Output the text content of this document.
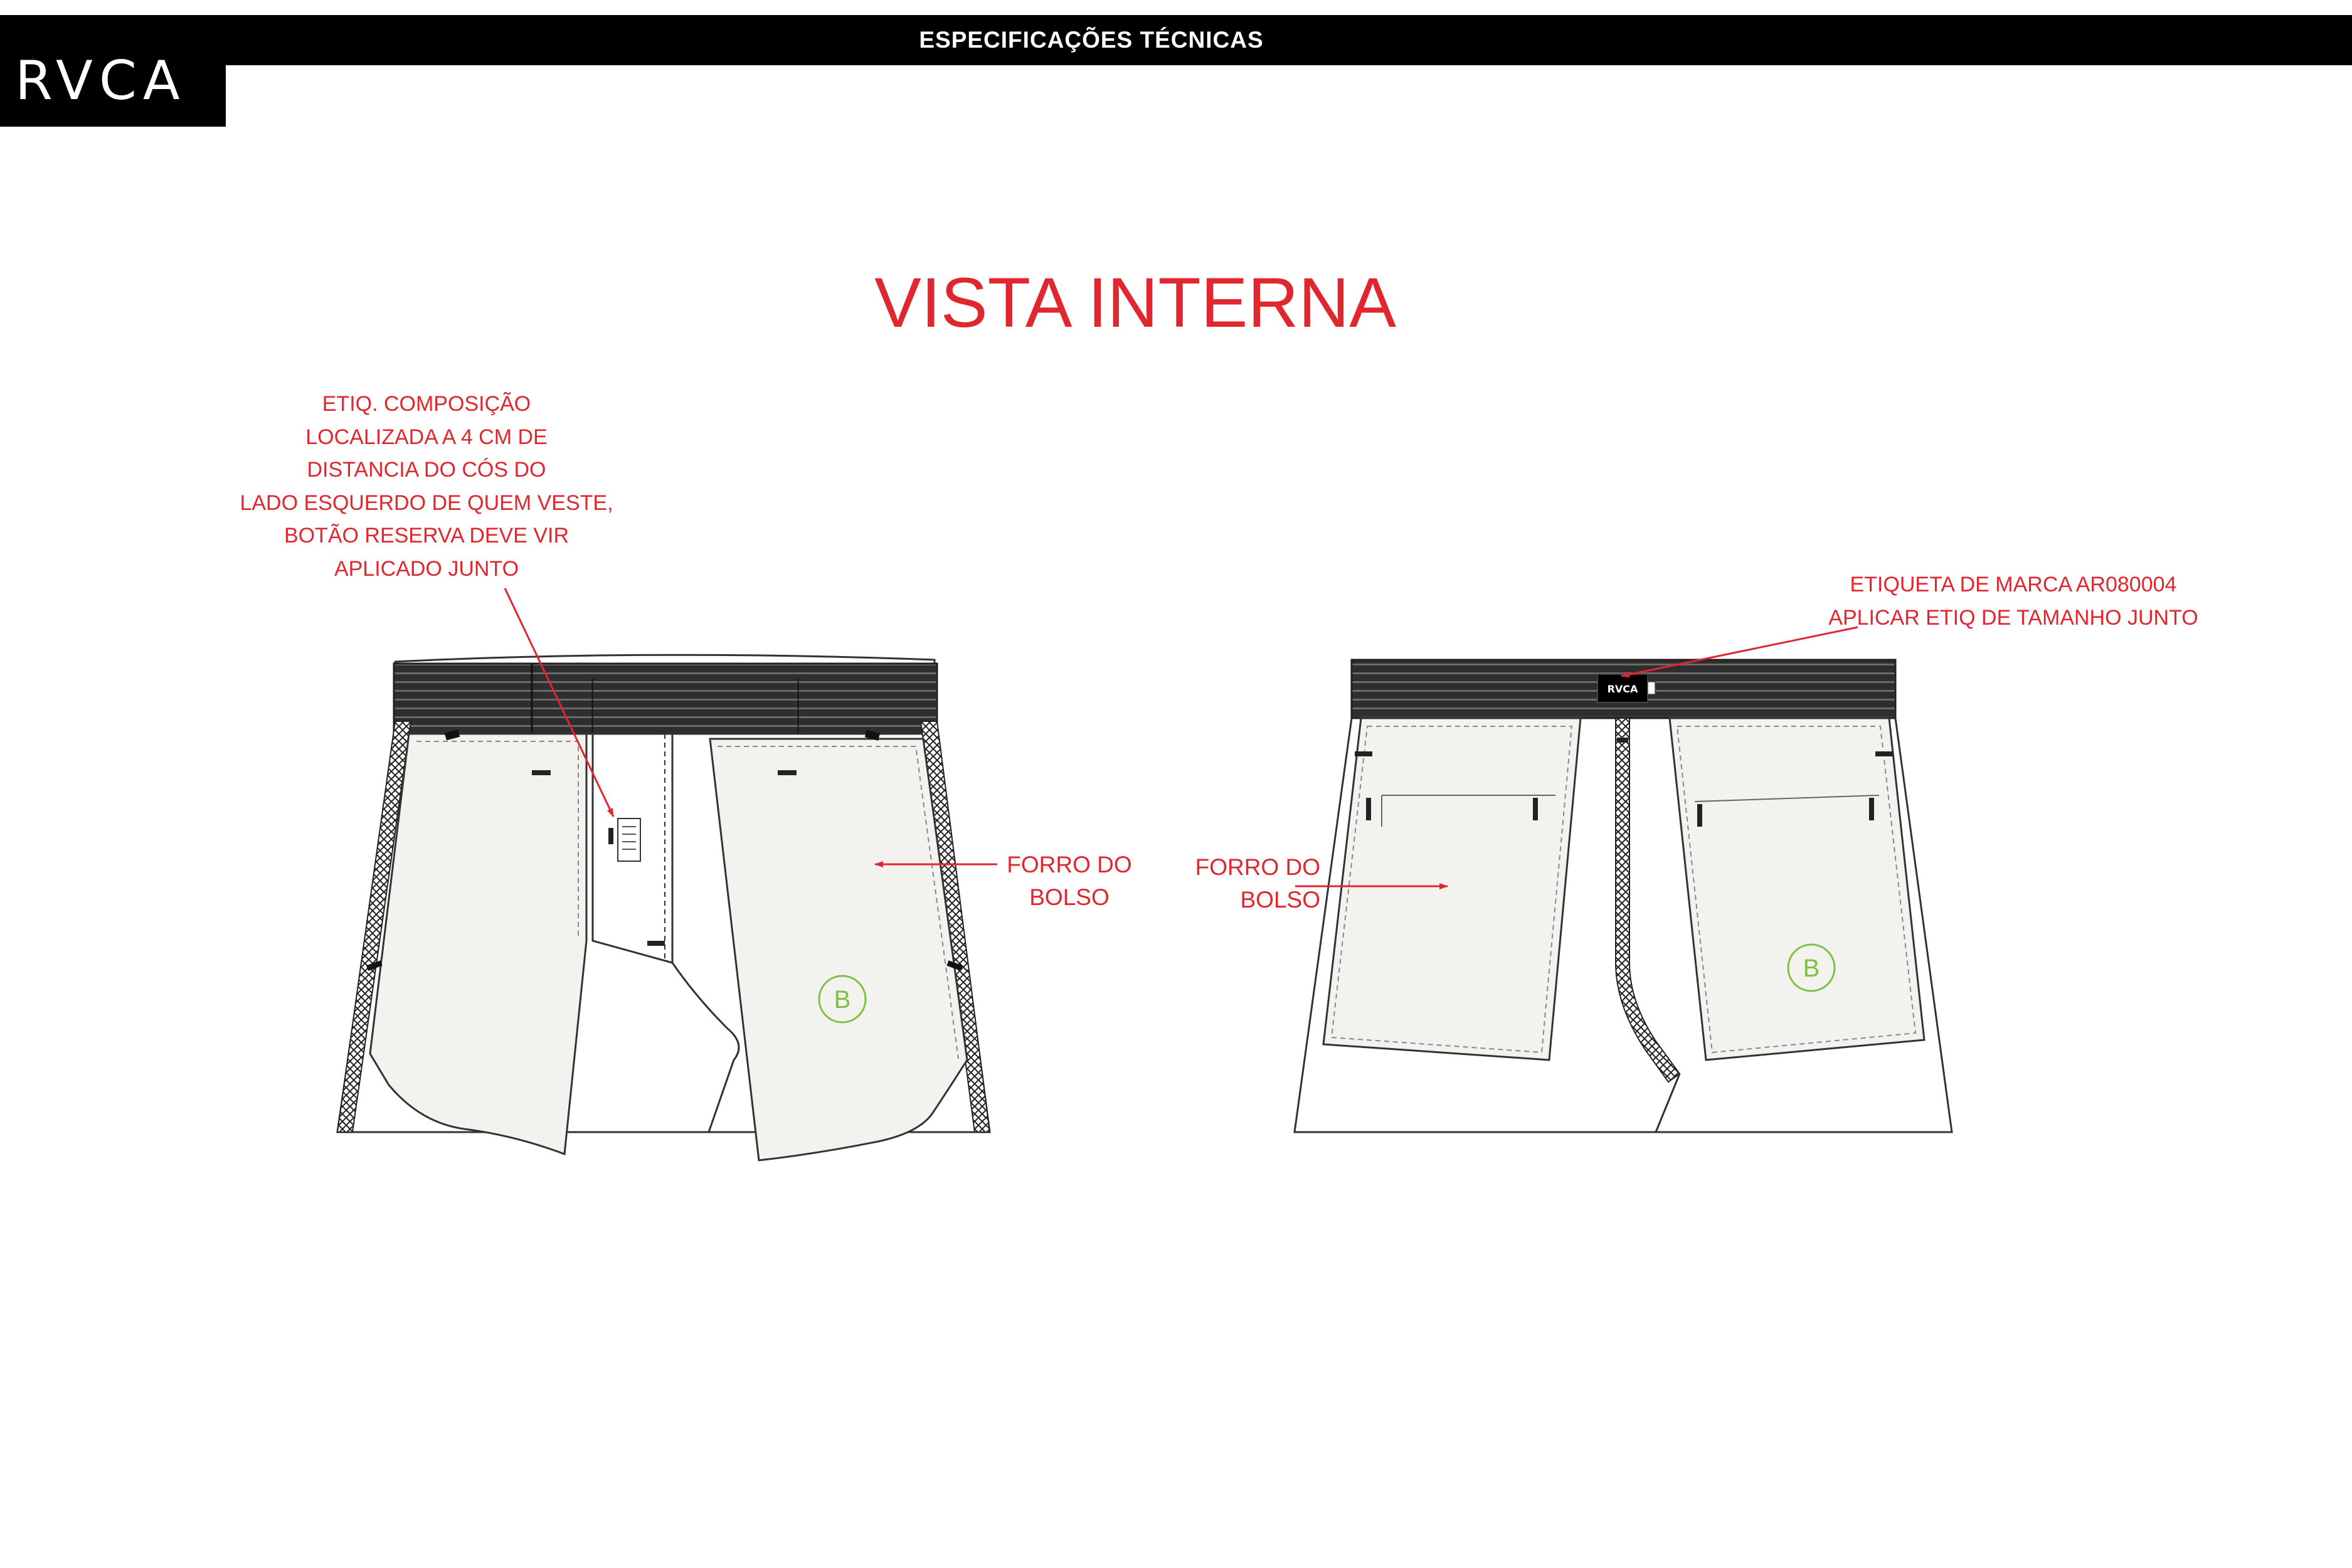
ESPECIFICAÇÕES TÉCNICAS
RVCA
VISTA INTERNA
ETIQ. COMPOSIÇÃO
LOCALIZADA A 4 CM DE
DISTANCIA DO CÓS DO
LADO ESQUERDO DE QUEM VESTE,
BOTÃO RESERVA DEVE VIR
APLICADO JUNTO
ETIQUETA DE MARCA AR080004
APLICAR ETIQ DE TAMANHO JUNTO
FORRO DO
BOLSO
FORRO DO
BOLSO
B
RVCA
B
